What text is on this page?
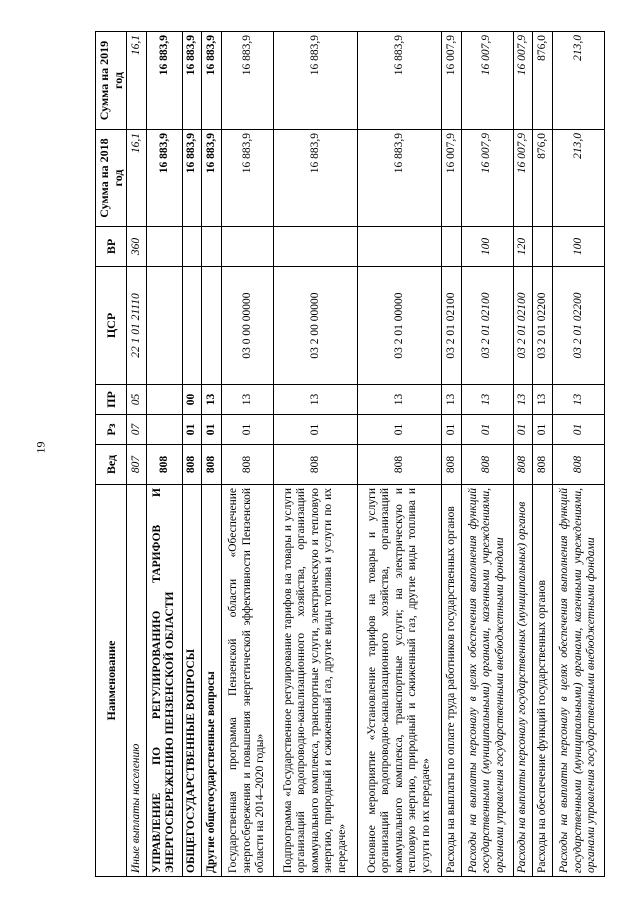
19
Наименование	Вед	Рз	ПР	ЦСР	ВР	Сумма на 2018 год	Сумма на 2019 год
Иные выплаты населению	807	07	05	22 1 01 21110	360	16,1	16,1
УПРАВЛЕНИЕ ПО РЕГУЛИРОВАНИЮ ТАРИФОВ И ЭНЕРГОСБЕРЕЖЕНИЮ ПЕНЗЕНСКОЙ ОБЛАСТИ	808					16 883,9	16 883,9
ОБЩЕГОСУДАРСТВЕННЫЕ ВОПРОСЫ	808	01	00			16 883,9	16 883,9
Другие общегосударственные вопросы	808	01	13			16 883,9	16 883,9
Государственная программа Пензенской области «Обеспечение энергосбережения и повышения энергетической эффективности Пензенской области на 2014–2020 годы»	808	01	13	03 0 00 00000		16 883,9	16 883,9
Подпрограмма «Государственное регулирование тарифов на товары и услуги организаций водопроводно-канализационного хозяйства, организаций коммунального комплекса, транспортные услуги, электрическую и тепловую энергию, природный и сжиженный газ, другие виды топлива и услуги по их передаче»	808	01	13	03 2 00 00000		16 883,9	16 883,9
Основное мероприятие «Установление тарифов на товары и услуги организаций водопроводно-канализационного хозяйства, организаций коммунального комплекса, транспортные услуги; на электрическую и тепловую энергию, природный и сжиженный газ, другие виды топлива и услуги по их передаче»	808	01	13	03 2 01 00000		16 883,9	16 883,9
Расходы на выплаты по оплате труда работников государственных органов	808	01	13	03 2 01 02100		16 007,9	16 007,9
Расходы на выплаты персоналу в целях обеспечения выполнения функций государственными (муниципальными) органами, казенными учреждениями, органами управления государственными внебюджетными фондами	808	01	13	03 2 01 02100	100	16 007,9	16 007,9
Расходы на выплаты персоналу государственных (муниципальных) органов	808	01	13	03 2 01 02100	120	16 007,9	16 007,9
Расходы на обеспечение функций государственных органов	808	01	13	03 2 01 02200		876,0	876,0
Расходы на выплаты персоналу в целях обеспечения выполнения функций государственными (муниципальными) органами, казенными учреждениями, органами управления государственными внебюджетными фондами	808	01	13	03 2 01 02200	100	213,0	213,0
